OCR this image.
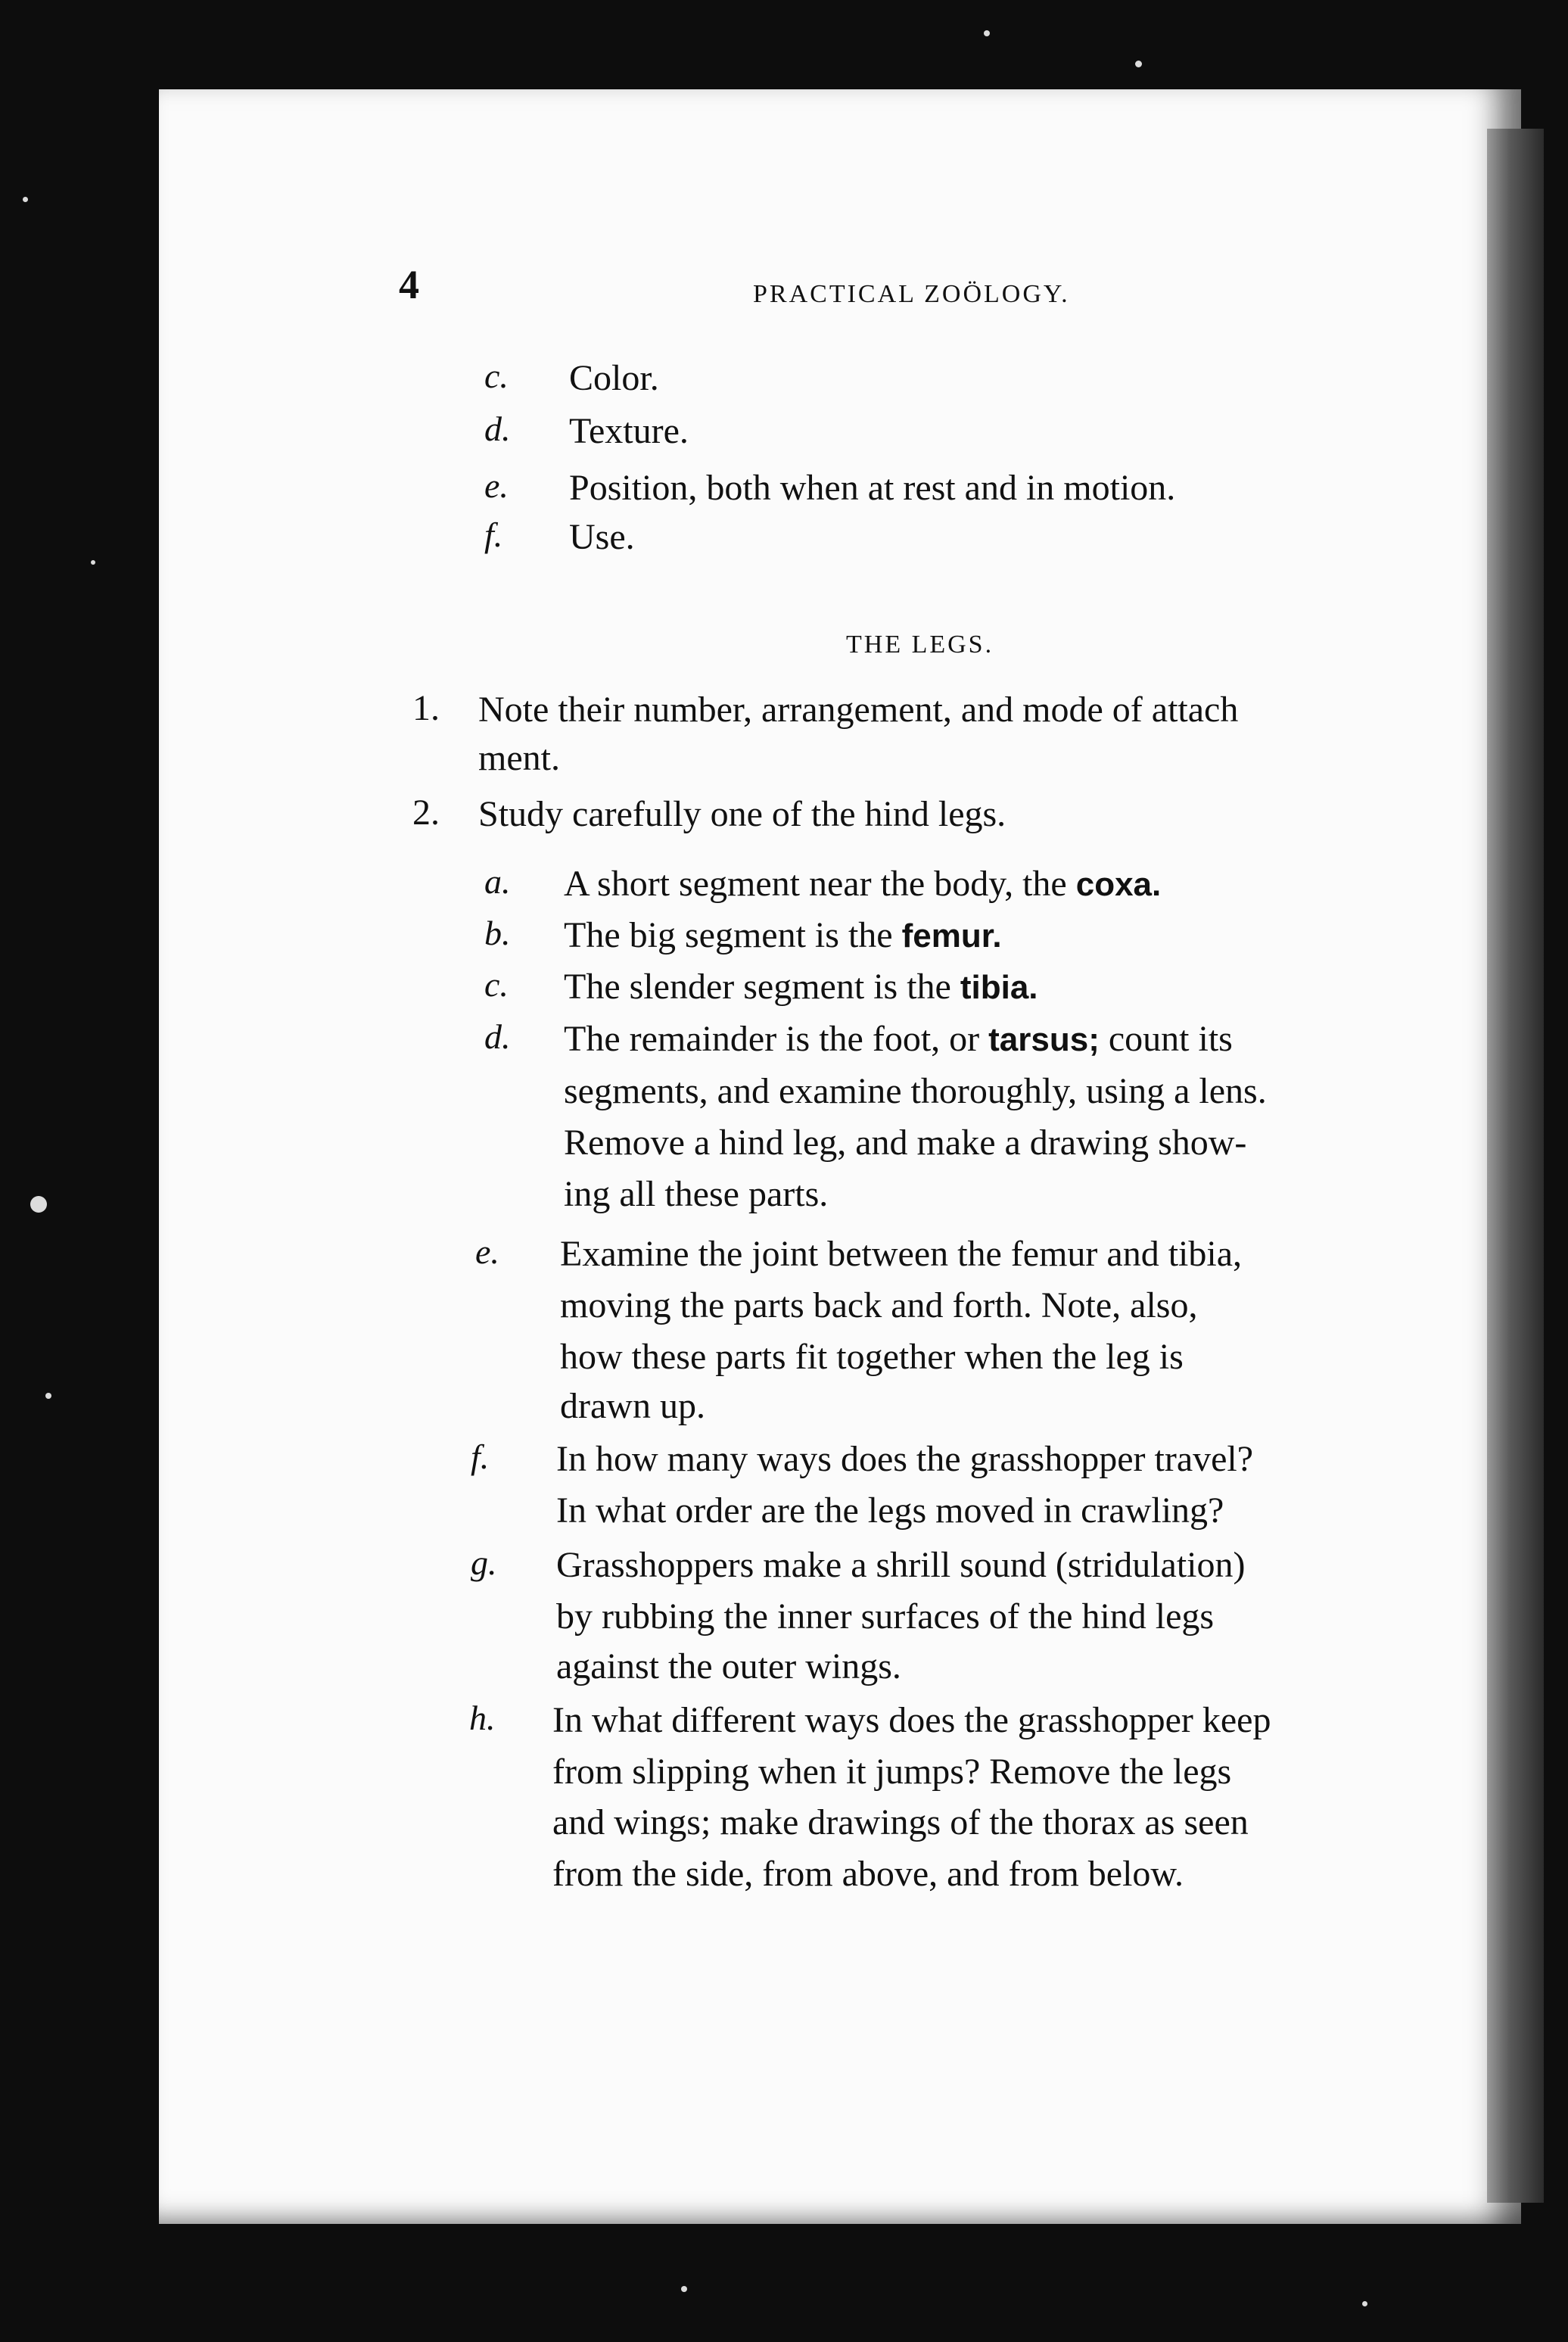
4	PRACTICAL ZOÖLOGY.
c. Color.
d. Texture.
e. Position, both when at rest and in motion.
f. Use.
THE LEGS.
1. Note their number, arrangement, and mode of attach
ment.
2. Study carefully one of the hind legs.
a. A short segment near the body, the coxa.
b. The big segment is the femur.
c. The slender segment is the tibia.
d. The remainder is the foot, or tarsus; count its
segments, and examine thoroughly, using a lens.
Remove a hind leg, and make a drawing show-
ing all these parts.
e. Examine the joint between the femur and tibia,
moving the parts back and forth. Note, also,
how these parts fit together when the leg is
drawn up.
f. In how many ways does the grasshopper travel?
In what order are the legs moved in crawling?
g. Grasshoppers make a shrill sound (stridulation)
by rubbing the inner surfaces of the hind legs
against the outer wings.
h. In what different ways does the grasshopper keep
from slipping when it jumps? Remove the legs
and wings; make drawings of the thorax as seen
from the side, from above, and from below.
